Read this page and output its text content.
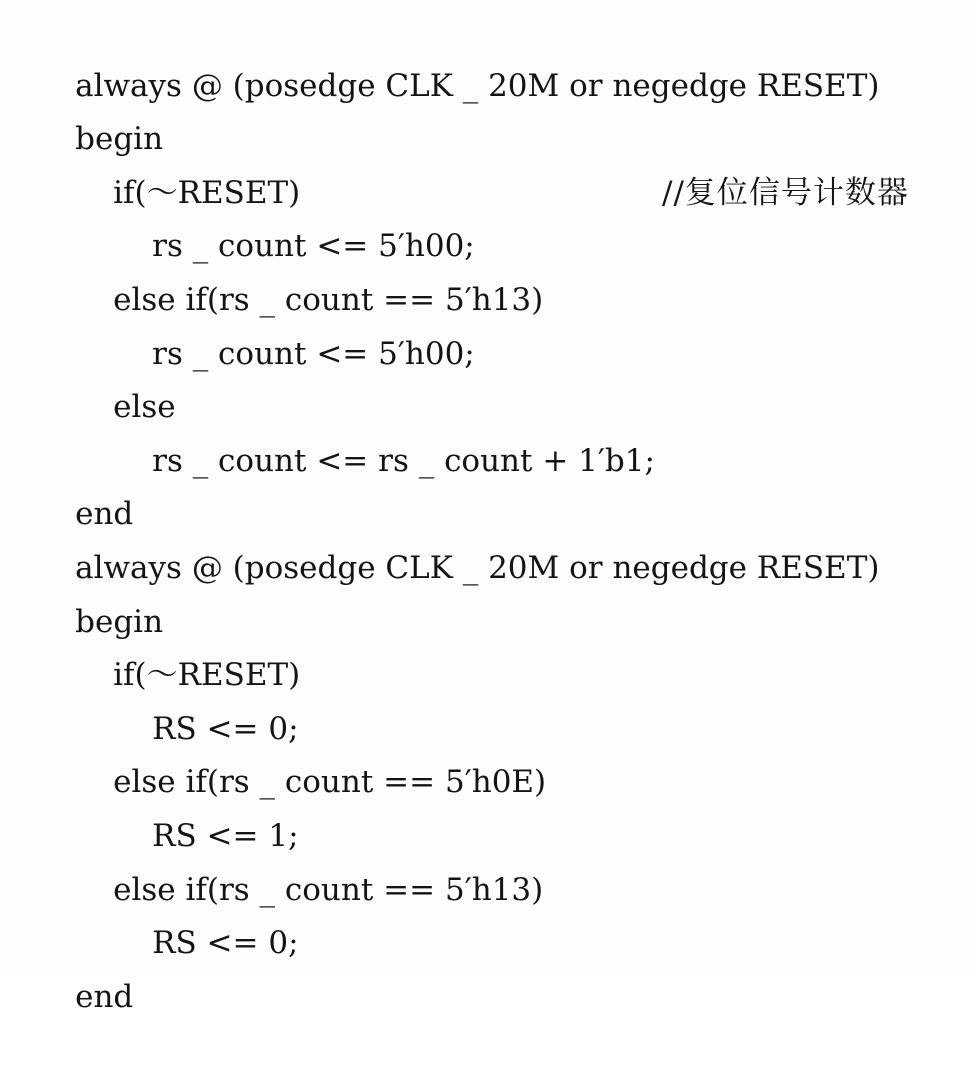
always @ (posedge CLK _ 20M or negedge RESET)

begin

if(～RESET)

rs _ count <= 5′h00;

//复位信号计数器

else if(rs _ count == 5′h13)

rs _ count <= 5′h00;

else

rs _ count <= rs _ count + 1′b1;

end

always @ (posedge CLK _ 20M or negedge RESET)

begin

if(～RESET)

RS <= 0;

else if(rs _ count == 5′h0E)

RS <= 1;

else if(rs _ count == 5′h13)

RS <= 0;

end
